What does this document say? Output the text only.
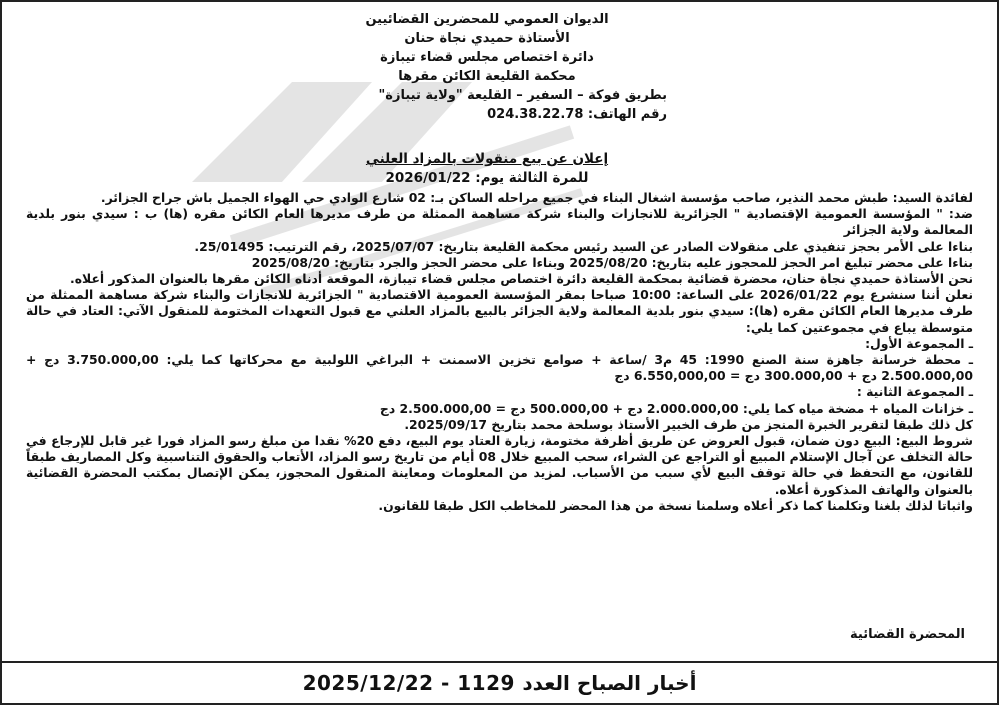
الديوان العمومي للمحضرين القضائيين
الأستاذة حميدي نجاة حنان
دائرة اختصاص مجلس قضاء تيبازة
محكمة القليعة الكائن مقرها
بطريق فوكة – السفير – القليعة "ولاية تيبازة"
رقم الهاتف: 024.38.22.78
إعلان عن بيع منقولات بالمزاد العلني
للمرة الثالثة يوم: 2026/01/22

لفائدة السيد: طبش محمد النذير، صاحب مؤسسة اشغال البناء في جميع مراحله الساكن بـ: 02 شارع الوادي حي الهواء الجميل باش جراح الجزائر.

ضد: " المؤسسة العمومية الإقتصادية " الجزائرية للانجازات والبناء شركة مساهمة الممثلة من طرف مديرها العام الكائن مقره (ها) ب : سيدي بنور بلدية المعالمة ولاية الجزائر

بناءا على الأمر بحجز تنفيذي على منقولات الصادر عن السيد رئيس محكمة القليعة بتاريخ: 2025/07/07، رقم الترتيب: 25/01495.

بناءا على محضر تبليغ امر الحجز للمحجوز عليه بتاريخ: 2025/08/20 وبناءا على محضر الحجز والجرد بتاريخ: 2025/08/20

نحن الأستاذة حميدي نجاة حنان، محضرة قضائية بمحكمة القليعة دائرة اختصاص مجلس قضاء تيبازة، الموقعة أدناه الكائن مقرها بالعنوان المذكور أعلاه.

نعلن أننا سنشرع يوم 2026/01/22 على الساعة: 10:00 صباحا بمقر المؤسسة العمومية الاقتصادية " الجزائرية للانجازات والبناء شركة مساهمة الممثلة من طرف مديرها العام الكائن مقره (ها): سيدي بنور بلدية المعالمة ولاية الجزائر بالبيع بالمزاد العلني مع قبول التعهدات المختومة للمنقول الآتي: العتاد في حالة متوسطة يباع في مجموعتين كما يلي:

ـ المجموعة الأول:

ـ محطة خرسانة جاهزة سنة الصنع 1990: 45 م3 /ساعة + صوامع تخزين الاسمنت + البراغي اللولبية مع محركاتها كما يلي: 3.750.000,00 دج + 2.500.000,00 دج + 300.000,00 دج = 6.550,000,00 دج

ـ المجموعة الثانية :

ـ خزانات المياه + مضخة مياه كما يلي: 2.000.000,00 دج + 500.000,00 دج = 2.500.000,00 دج

كل ذلك طبقا لتقرير الخبرة المنجز من طرف الخبير الأستاذ بوسلحة محمد بتاريخ 2025/09/17.

شروط البيع: البيع دون ضمان، قبول العروض عن طريق أظرفة مختومة، زيارة العتاد يوم البيع، دفع 20% نقدا من مبلغ رسو المزاد فورا غير قابل للإرجاع في حالة التخلف عن آجال الإستلام المبيع أو التراجع عن الشراء، سحب المبيع خلال 08 أيام من تاريخ رسو المزاد، الأتعاب والحقوق التناسبية وكل المصاريف طبقاً للقانون، مع التحفظ في حالة توقف البيع لأي سبب من الأسباب. لمزيد من المعلومات ومعاينة المنقول المحجوز، يمكن الإتصال بمكتب المحضرة القضائية بالعنوان والهاتف المذكورة أعلاه.

واثباتا لذلك بلغنا وتكلمنا كما ذكر أعلاه وسلمنا نسخة من هذا المحضر للمخاطب الكل طبقا للقانون.

المحضرة القضائية
أخبار الصباح العدد

1129
-
2025/12/22
